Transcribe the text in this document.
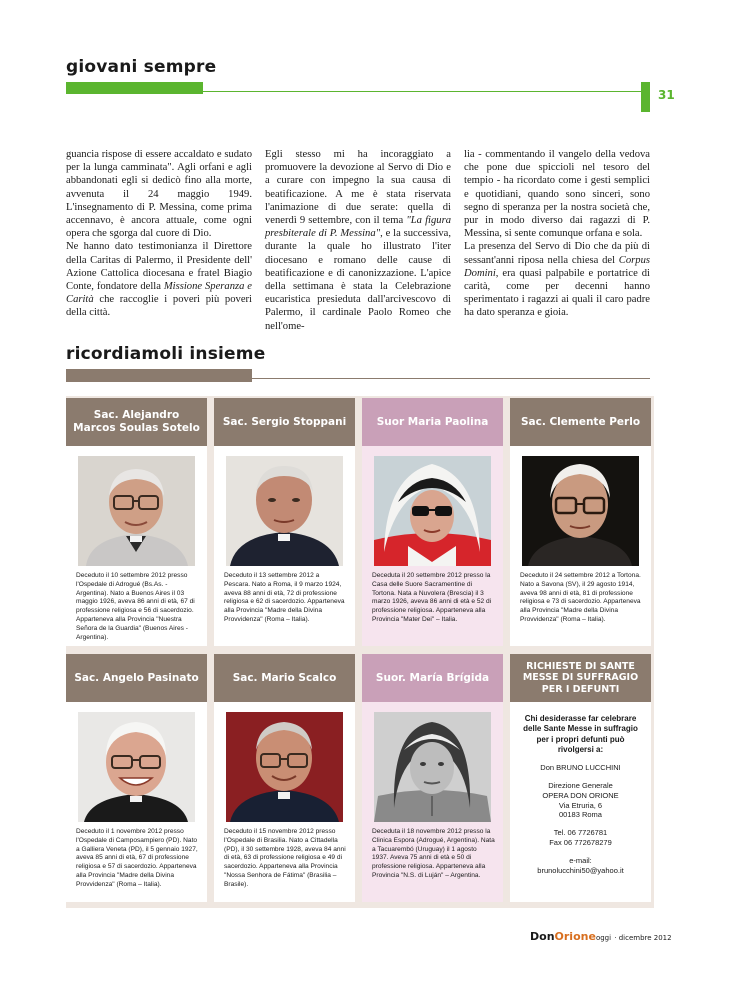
giovani sempre
31

guancia rispose di essere accaldato e sudato per la lunga camminata". Agli orfani e agli abbandonati egli si dedicò fino alla morte, avvenuta il 24 maggio 1949. L'insegnamento di P. Messina, come prima accennavo, è ancora attuale, come ogni opera che sgorga dal cuore di Dio.

Ne hanno dato testimonianza il Direttore della Caritas di Palermo, il Presidente dell' Azione Cattolica diocesana e fratel Biagio Conte, fondatore della Missione Speranza e Carità che raccoglie i poveri più poveri della città.

Egli stesso mi ha incoraggiato a promuovere la devozione al Servo di Dio e a curare con impegno la sua causa di beatificazione. A me è stata riservata l'animazione di due serate: quella di venerdì 9 settembre, con il tema "La figura presbiterale di P. Messina", e la successiva, durante la quale ho illustrato l'iter diocesano e romano delle cause di beatificazione e di canonizzazione. L'apice della settimana è stata la Celebrazione eucaristica presieduta dall'arcivescovo di Palermo, il cardinale Paolo Romeo che nell'ome-

lia - commentando il vangelo della vedova che pone due spiccioli nel tesoro del tempio - ha ricordato come i gesti semplici e quotidiani, quando sono sinceri, sono segno di speranza per la nostra società che, pur in modo diverso dai ragazzi di P. Messina, si sente comunque orfana e sola.

La presenza del Servo di Dio che da più di sessant'anni riposa nella chiesa del Corpus Domini, era quasi palpabile e portatrice di carità, come per decenni hanno sperimentato i ragazzi ai quali il caro padre ha dato speranza e gioia.

ricordiamoli insieme
Sac. Alejandro Marcos Soulas Sotelo
Deceduto il 10 settembre 2012 presso l'Ospedale di Adrogué (Bs.As. - Argentina). Nato a Buenos Aires il 03 maggio 1926, aveva 86 anni di età, 67 di professione religiosa e 56 di sacerdozio. Apparteneva alla Provincia "Nuestra Señora de la Guardia" (Buenos Aires - Argentina).
Sac. Sergio Stoppani
Deceduto il 13 settembre 2012 a Pescara. Nato a Roma, il 9 marzo 1924, aveva 88 anni di età, 72 di professione religiosa e 62 di sacerdozio. Apparteneva alla Provincia "Madre della Divina Provvidenza" (Roma – Italia).
Suor Maria Paolina
Deceduta il 20 settembre 2012 presso la Casa delle Suore Sacramentine di Tortona. Nata a Nuvolera (Brescia) il 3 marzo 1926, aveva 86 anni di età e 52 di professione religiosa. Apparteneva alla Provincia "Mater Dei" – Italia.
Sac. Clemente Perlo
Deceduto il 24 settembre 2012 a Tortona. Nato a Savona (SV), il 29 agosto 1914, aveva 98 anni di età, 81 di professione religiosa e 73 di sacerdozio. Apparteneva alla Provincia "Madre della Divina Provvidenza" (Roma – Italia).
Sac. Angelo Pasinato
Deceduto il 1 novembre 2012 presso l'Ospedale di Camposampiero (PD). Nato a Galliera Veneta (PD), il 5 gennaio 1927, aveva 85 anni di età, 67 di professione religiosa e 57 di sacerdozio. Apparteneva alla Provincia "Madre della Divina Provvidenza" (Roma – Italia).
Sac. Mario Scalco
Deceduto il 15 novembre 2012 presso l'Ospedale di Brasilia. Nato a Cittadella (PD), il 30 settembre 1928, aveva 84 anni di età, 63 di professione religiosa e 49 di sacerdozio. Apparteneva alla Provincia "Nossa Senhora de Fátima" (Brasilia – Brasile).
Suor. María Brígida
Deceduta il 18 novembre 2012 presso la Clinica Espora (Adrogué, Argentina). Nata a Tacuarembó (Uruguay) il 1 agosto 1937. Aveva 75 anni di età e 50 di professione religiosa. Apparteneva alla Provincia "N.S. di Luján" – Argentina.
RICHIESTE DI SANTE MESSE DI SUFFRAGIO PER I DEFUNTI
Chi desiderasse far celebrare delle Sante Messe in suffragio per i propri defunti può rivolgersi a:
Don BRUNO LUCCHINI
Direzione Generale
OPERA DON ORIONE
Via Etruria, 6
00183 Roma
Tel. 06 7726781
Fax 06 772678279
e-mail:
brunolucchini50@yahoo.it
DonOrioneoggi · dicembre 2012
